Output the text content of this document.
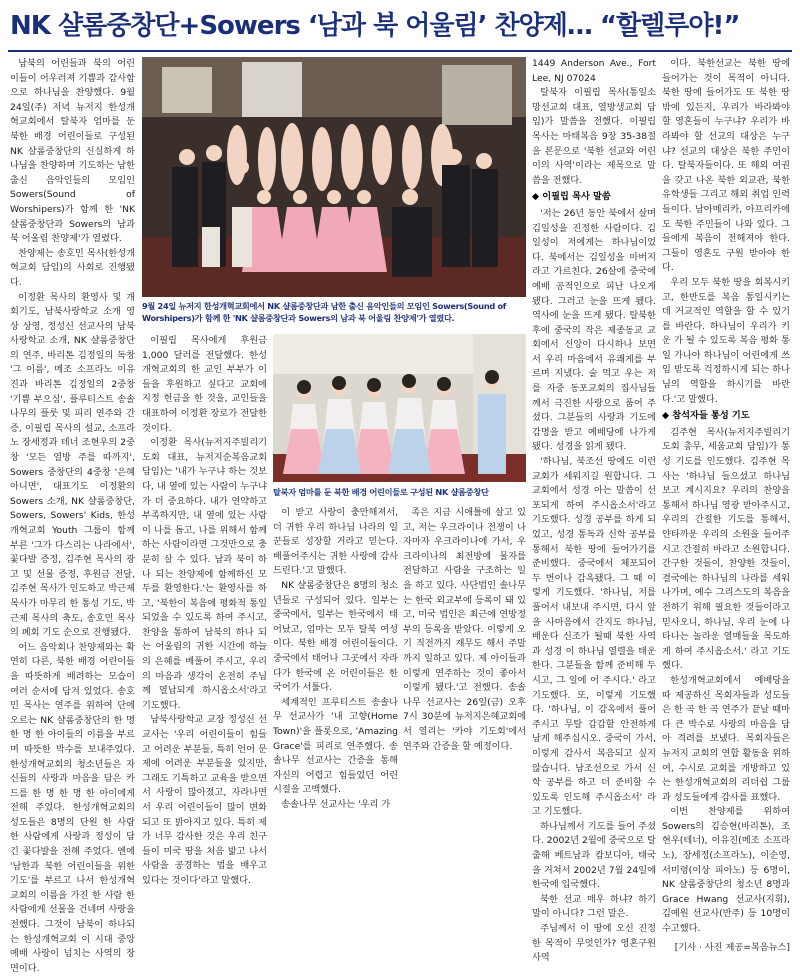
NK 샬롬중창단+Sowers ‘남과 북 어울림’ 찬양제… “할렐루야!”

남북의 어린들과 북의 어린 이들이 어우러져 기쁨과 감사함으로 하나님을 찬양했다. 9월 24일(주) 저녁 뉴저지 한성개혁교회에서 탈북자 엄마를 둔 북한 배경 어린이들로 구성된 NK 샬롬중창단의 신실하게 하나님을 찬양하며 기도하는 남한 출신 음악인들의 모임인 Sowers(Sound of Worshipers)가 함께 한 'NK 샬롬중창단과 Sowers의 남과 북 어울림 찬양제'가 열렸다.

찬양제는 송호민 목사(한성개혁교회 담임)의 사회로 진행됐다.

이정환 목사의 환영사 및 개회기도, 남북사랑학교 소개 영상 상영, 정성신 선교사의 남북사랑학교 소개, NK 샬롬중창단의 연주, 바리톤 김정일의 독창 '그 이름', 메조 소프라노 이유진과 바리톤 김정일의 2중창 '기쁨 부으심', 플루티스트 송솔나무의 플룻 및 피리 연주와 간증, 이필립 목사의 설교, 소프라노 장세정과 테너 조현우의 2중창 '모든 열방 주를 따까지', Sowers 중창단의 4중창 '은혜 아니면', 대표기도 이정환의 Sowers 소개, NK 샬롬중창단, Sowers, Sowers' Kids, 한성개혁교회 Youth 그룹이 함께 부른 '그가 다스리는 나라에서', 꽃다발 증정, 김주현 목사의 광고 및 선물 증정, 후원금 전달, 김주현 목사가 인도하고 박근제 목사가 마무리 한 통성 기도, 박근제 목사의 축도, 송호민 목사의 폐회 기도 순으로 진행됐다.

어느 음악회나 찬양제와는 확연히 다른, 북한 배경 어린이들을 따뜻하게 배려하는 모습이 여러 순서에 담겨 있었다. 송호민 목사는 연주를 위하여 단에 오르는 NK 샬롬중창단의 한 명 한 명 한 아이들의 이름을 부르며 따뜻한 박수를 보내주었다. 한성개혁교회의 청소년들은 자신들의 사랑과 마음을 담은 카드를 한 명 한 명 한 아이에게 전해 주었다. 한성개혁교회의 성도들은 8명의 단원 한 사람 한 사람에게 사랑과 정성이 담긴 꽃다발을 전해 주었다. 엔에 '남한과 북한 어린이들을 위한 기도'를 부르고 나서 한성개혁교회의 이름을 가진 한 사람 한 사람에게 선물을 건네며 사랑을 전했다. 그것이 남북이 하나되는 한성개혁교회 이 시대 중앙예배 사랑이 넘치는 사역의 장면이다.

9월 24일 뉴저지 한성개혁교회에서 NK 샬롬중창단과 남한 출신 음악인들의 모임인 Sowers(Sound of Worshipers)가 함께 한 'NK 샬롬중창단과 Sowers의 남과 북 어울림 찬양제'가 열렸다.

이필립 목사에게 후원금 1,000 달러를 전달했다. 한성개혁교회의 한 교인 부부가 이들을 후원하고 싶다고 교회에 지정 헌금을 한 것을, 교인들을 대표하여 이정환 장로가 전달한 것이다.

이정환 목사(뉴저지주빌리기도회 대표, 뉴저지순복음교회 담임)는 '내가 누구냐 하는 것보다, 내 옆에 있는 사람이 누구냐가 더 중요하다. 내가 연약하고 부족하지만, 내 옆에 있는 사람이 나를 돕고, 나를 위해서 함께 하는 사람이라면 그것만으로 충분히 살 수 있다. 남과 북이 하나 되는 찬양제에 함께하신 모두를 환영한다.'는 환영사를 하고, '북한이 복음에 평화적 통일되었을 수 있도록 하여 주시고, 찬양을 통하여 남북의 하나 되는 어울림의 귀한 시간에 하늘의 은혜를 베풀어 주시고, 우리의 마음과 생각이 온전히 주님께 열납되게 하시옵소서'라고 기도했다.

남북사랑학교 교장 정성신 선교사는 '우리 어린이들이 힘들고 어려운 부분들, 특히 언어 문제에 어려운 부분들을 있지만, 그래도 기특하고 교육을 받으면서 사랑이 많아졌고, 자라나면서 우리 어린이들이 많이 변화되고 또 밝아지고 있다. 특히 제가 너무 감사한 것은 우리 친구들이 미국 땅을 처음 밟고 나서 사람을 공경하는 법을 배우고 있다는 것이다'라고 말했다.

탈북자 엄마를 둔 북한 배경 어린이들로 구성된 NK 샬롬중창단

이 받고 사랑이 충만해져서, 더 귀한 우리 하나님 나라의 일꾼들로 성장할 거라고 믿는다. 배풀어주시는 귀한 사랑에 감사드린다.'고 말했다.

NK 샬롬중창단은 8명의 청소년들로 구성되어 있다. 일부는 중국에서, 일부는 한국에서 태어났고, 엄마는 모두 탈북 여성이다. 북한 배경 어린이들이다. 중국에서 태어나 그곳에서 자라다가 한국에 온 어린이들은 한국어가 서툴다.

세계적인 프루티스트 송솔나무 선교사가 '내 고향(Home Town)'을 플롯으로, 'Amazing Grace'를 피리로 연주했다. 송솔나무 선교사는 간증을 통해 자신의 어렵고 힘들었던 어린 시절을 고백했다.

송솔나무 선교사는 '우리 가

족은 지금 시애틀에 살고 있고, 저는 우크라이나 전쟁이 나자마자 우크라이나에 가서, 우크라이나의 최전방에 물자를 전달하고 사람을 구조하는 일을 하고 있다. 사단법인 솔나무는 한국 외교부에 등록이 돼 있고, 미국 법인은 최근에 연방정부의 등록을 받았다. 이렇게 오기 직전까지 재무도 해서 주말까지 일하고 있다. 제 아이들과 이렇게 연주하는 것이 좋아서 이렇게 됐다.'고 전했다. 송솔나무 선교사는 26일(금) 오후 7시 30분에 뉴저지은혜교회에서 열리는 '카야 기도회'에서 연주와 간증을 할 예정이다.

1449 Anderson Ave., Fort Lee, NJ 07024

탈북자 이필립 목사(통일소망선교회 대표, 열방생교회 담임)가 말씀을 전했다. 이필립 목사는 마태복음 9장 35-38절을 본문으로 '북한 선교와 어린이의 사역'이라는 제목으로 말씀을 전했다.

◆ 이필립 목사 말씀

'저는 26년 동안 북에서 살며 김일성을 진정한 사람이다. 김일성이 저에게는 하나님이었다. 북에서는 김일성을 아버지라고 가르친다. 26살에 중국에 예배 공적인으로 피난 나오게 됐다. 그러고 눈을 뜨게 됐다. 역사에 눈을 뜨게 됐다. 탈북한 후에 중국의 작은 제종동교 교회에서 신앙이 다시하나 보면서 우리 마음에서 유쾌게를 부르며 지냈다. 술 먹고 우는 저를 자중 동포교회의 집사님들께서 극진한 사랑으로 품어 주셨다. 그분들의 사랑과 기도에 감명을 받고 예배당에 나가게 됐다. 성경을 읽게 됐다.

'하나님, 북조선 땅에도 이런 교회가 세워지길 원합니다. 그 교회에서 성경 아는 말씀이 선포되게 하여 주시옵소서'라고 기도했다. 성경 공부를 하게 되었고, 성경 통독과 신학 공부를 통해서 북한 땅에 들어가기를 준비했다. 중국에서 체포되어 두 번이나 감옥됐다. 그 때 이렇게 기도했다. '하나님, 저를 풀어서 내보내 주시면, 다시 앞을 사마음에서 간지도 하나님, 배운다 신조가 될때 북한 사역과 성경 이 하나님 열렬을 태운 한다. 그분들을 함께 준비해 두시고, 그 일에 어 주시다.' 라고 기도했다. 또, 이렇게 기도했다. '하나님, 이 감옥에서 풀어주시고 무탈 갑갑할 안전하게 남게 해주십시오. 중국이 가서, 이렇게 감사서 복음되고 싶지 않습니다. 남조선으로 가서 신학 공부를 하고 더 준비할 수 있도록 인도해 주시옵소서' 라고 기도했다.

하나님께서 기도를 들어 주셨다. 2002년 2월에 중국으로 탈출해 베트남과 캄보디아, 태국을 거쳐서 2002년 7월 24일에 한국에 입국했다.

북한 선교 매우 하냐? 하기 말이 아니다? 그런 말은.

주님께서 이 땅에 오신 진정한 목적이 무엇인가? 영혼구원 사역

이다. 북한선교는 북한 땅에 들어가는 것이 목적이 아니다. 북한 땅에 들어가도 또 북한 땅 밖에 있든지, 우리가 바라봐야 할 영혼들이 누구냐? 우리가 바라봐야 할 선교의 대상은 누구냐? 선교의 대상은 북한 주민이다. 탈북자들이다. 또 해외 여권을 갖고 나온 북한 외교관, 북한 유학생들 그리고 해외 취업 인력들이다. 남아메리카, 아프리카에도 북한 주민들이 나와 있다. 그들에게 복음이 전해져야 한다. 그들이 영혼도 구원 받아야 한다.

우리 모두 북한 땅을 회복시키고, 한반도를 복음 통일시키는 데 거교적인 역할을 할 수 있기를 바란다. 하나님이 우리가 키운 가 될 수 있도록 복음 평화 통일 가나아 하나님이 어린에게 쓰임 받도록 걱정하시게 되는 하나님의 역할을 하시기를 바란다.'고 말했다.

◆ 참석자들 통성 기도

김주현 목사(뉴저지주빌리기도회 총무, 세움교회 담임)가 통성 기도를 인도했다. 김주현 목사는 '하나님 들으셨고 하나님 보고 계시지요? 우리의 찬양을 통해서 하나님 영광 받아주시고, 우리의 간절한 기도를 통해서, 얀타까운 우리의 소원을 들어주시고 간절히 바라고 소원합니다. 간구한 것들이, 찬양한 것들이, 결국에는 하나님의 나라를 세워나가며, 예수 그리스도의 복음을 전하기 위해 필요한 것들이라고 믿사오니, 하나님, 우리 눈에 나타나는 놀라운 열매들을 목도하게 하여 주시옵소서.' 라고 기도했다.

한성개혁교회에서 예배당을 따 제공하신 목회자들과 성도들은 한 곡 한 곡 연주가 끝날 때마다 큰 박수로 사랑의 마음을 담아 격려를 보냈다. 목회자들은 뉴저지 교회의 연합 활동을 위하여, 수시로 교회를 개방하고 있는 한성개혁교회의 리더쉽 그룹과 성도들에게 감사를 표했다.

이번 찬양제를 위하여 Sowers의 김승현(바리톤), 조현우(테너), 이유진(메조 소프라노), 장세정(소프라노), 이순영, 서미령(이상 피아노) 등 6명이, NK 샬롬중창단의 청소년 8명과 Grace Hwang 선교사(지휘), 김예원 선교사(반주) 등 10명이 수고했다.

[기사 · 사진 제공=복음뉴스]
